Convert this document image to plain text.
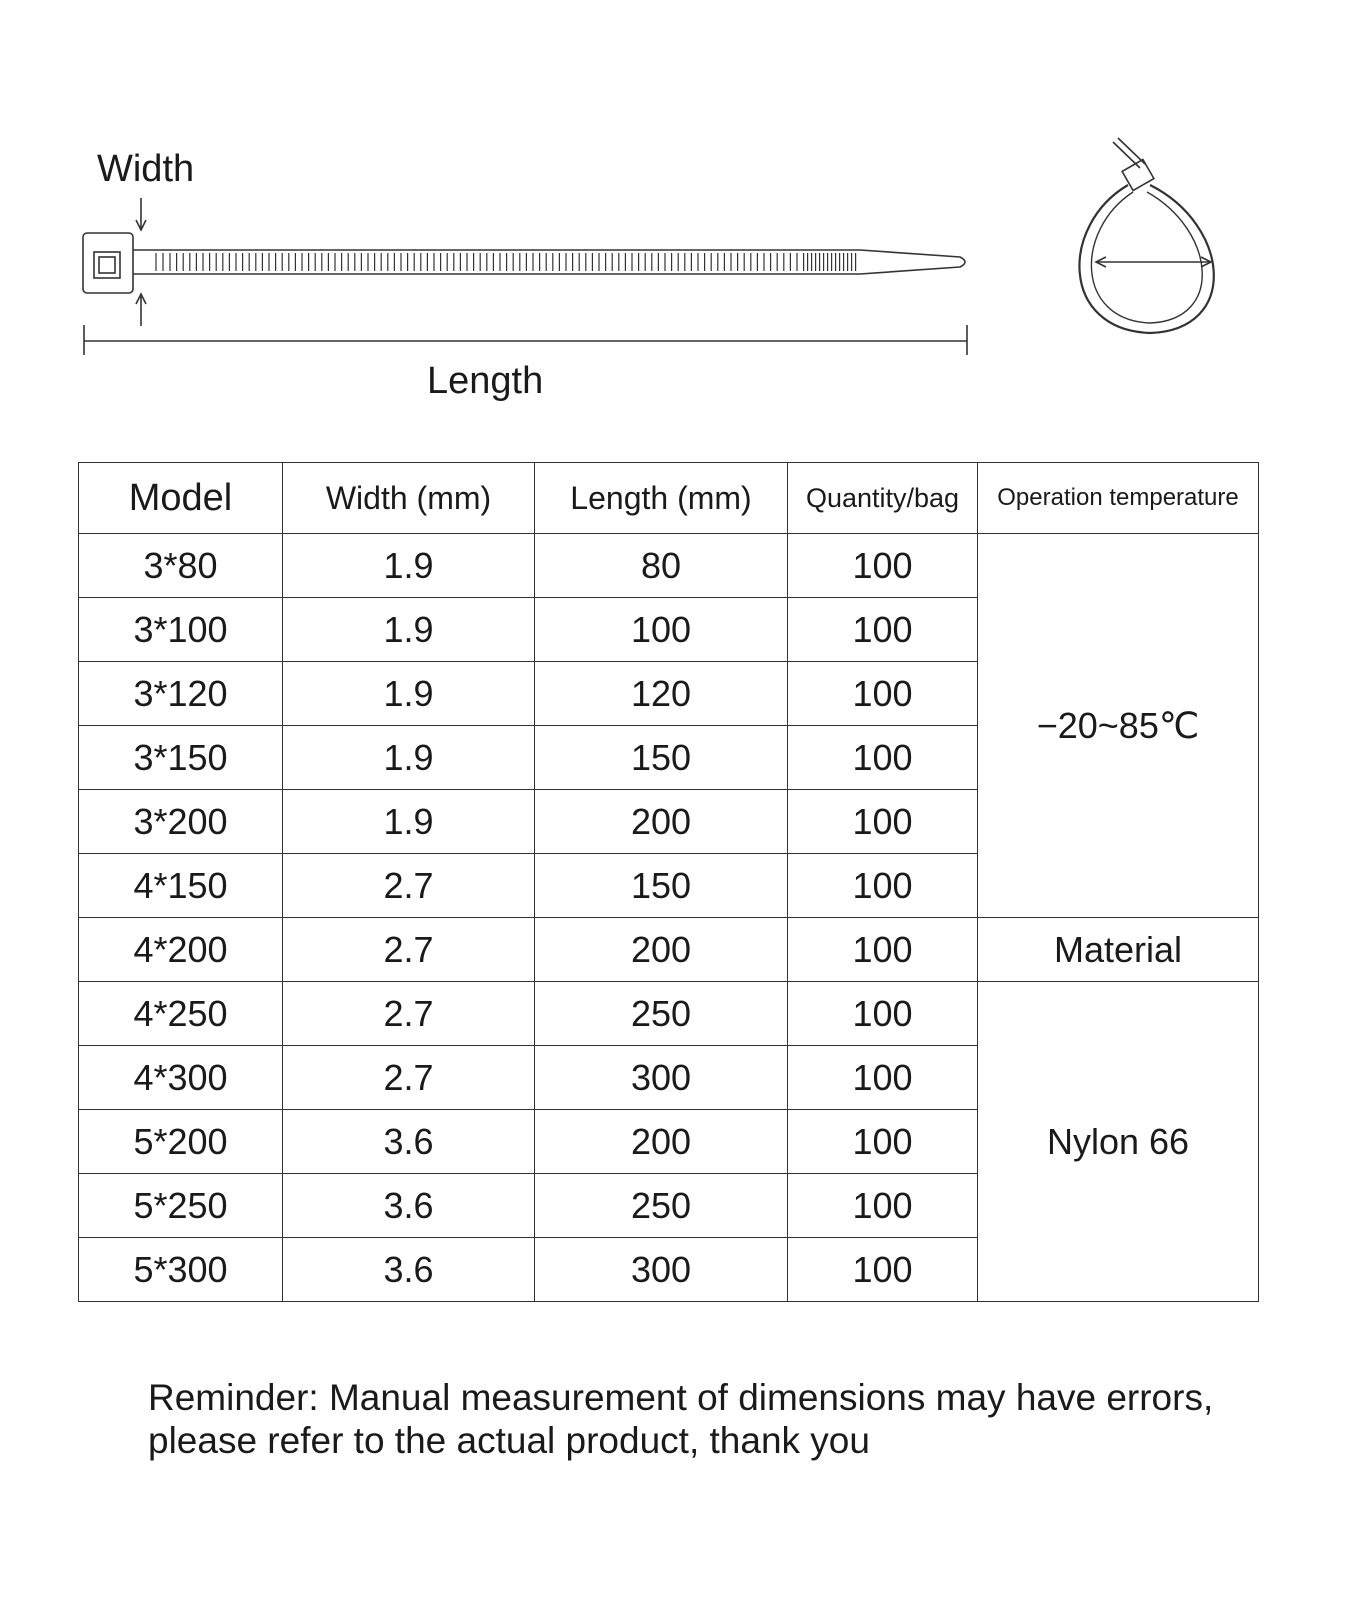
Width
Length
Model	Width (mm)	Length (mm)	Quantity/bag	Operation temperature
3*80	1.9	80	100	−20~85℃
3*100	1.9	100	100	
3*120	1.9	120	100	
3*150	1.9	150	100	
3*200	1.9	200	100	
4*150	2.7	150	100	
4*200	2.7	200	100	Material
4*250	2.7	250	100	Nylon 66
4*300	2.7	300	100	
5*200	3.6	200	100	
5*250	3.6	250	100	
5*300	3.6	300	100	
Reminder: Manual measurement of dimensions may have errors, please refer to the actual product, thank you
